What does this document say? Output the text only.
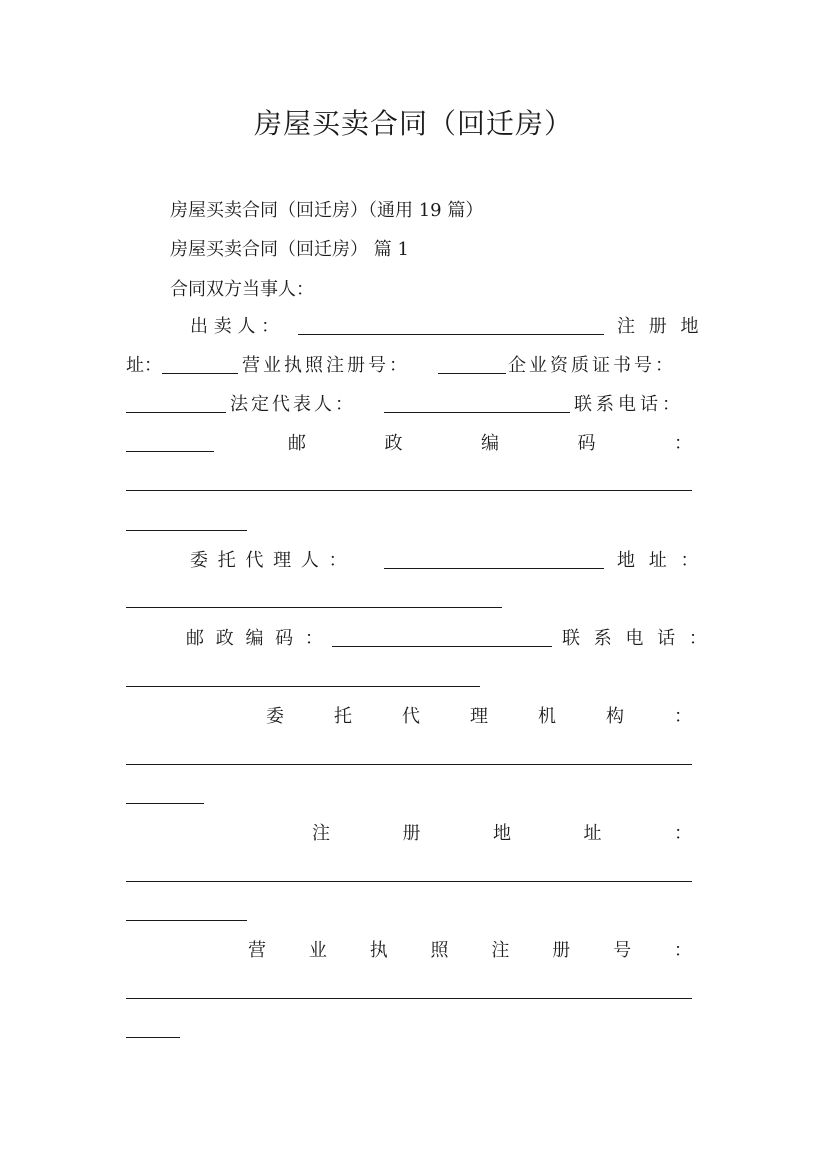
房屋买卖合同（回迁房）
房屋买卖合同（回迁房）（通用 19 篇）
房屋买卖合同（回迁房） 篇 1
合同双方当事人：
出 卖 人 ：	注 册 地
址：	营业执照注册号：	企业资质证书号：
法定代表人：	联系电话：
邮	政	编	码	：
委 托 代 理 人 ：	地 址 ：
邮 政 编 码 ：	联 系 电 话 ：
委	托	代	理	机	构	：
注	册	地	址	：
营 业 执 照 注 册 号 ：
